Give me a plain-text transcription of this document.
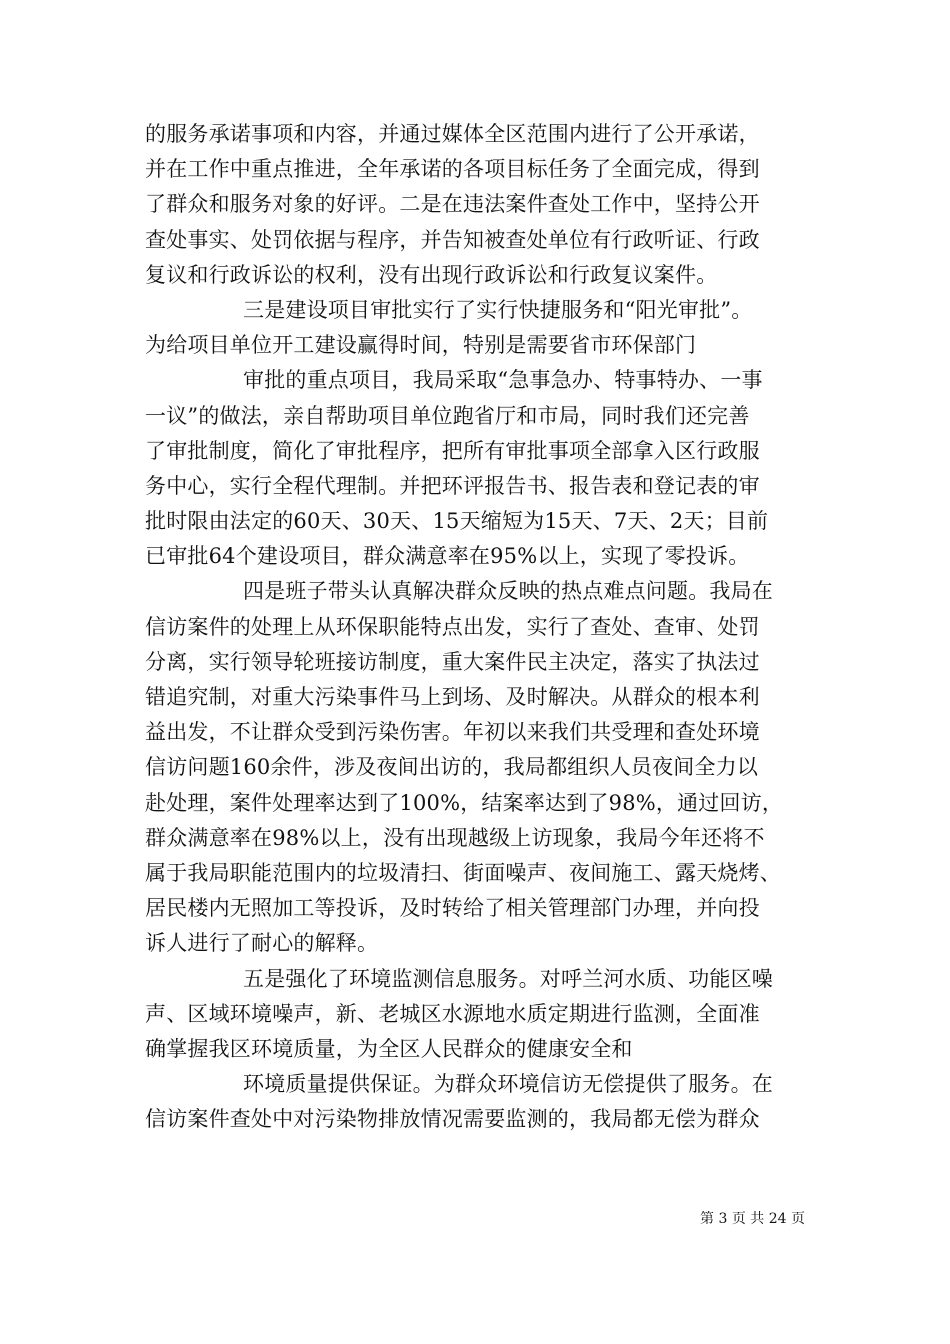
的服务承诺事项和内容，并通过媒体全区范围内进行了公开承诺，
并在工作中重点推进，全年承诺的各项目标任务了全面完成，得到
了群众和服务对象的好评。二是在违法案件查处工作中，坚持公开
查处事实、处罚依据与程序，并告知被查处单位有行政听证、行政
复议和行政诉讼的权利，没有出现行政诉讼和行政复议案件。
三是建设项目审批实行了实行快捷服务和“阳光审批”。
为给项目单位开工建设赢得时间，特别是需要省市环保部门
审批的重点项目，我局采取“急事急办、特事特办、一事
一议”的做法，亲自帮助项目单位跑省厅和市局，同时我们还完善
了审批制度，简化了审批程序，把所有审批事项全部拿入区行政服
务中心，实行全程代理制。并把环评报告书、报告表和登记表的审
批时限由法定的60天、30天、15天缩短为15天、7天、2天；目前
已审批64个建设项目，群众满意率在95%以上，实现了零投诉。
四是班子带头认真解决群众反映的热点难点问题。我局在
信访案件的处理上从环保职能特点出发，实行了查处、查审、处罚
分离，实行领导轮班接访制度，重大案件民主决定，落实了执法过
错追究制，对重大污染事件马上到场、及时解决。从群众的根本利
益出发，不让群众受到污染伤害。年初以来我们共受理和查处环境
信访问题160余件，涉及夜间出访的，我局都组织人员夜间全力以
赴处理，案件处理率达到了100%，结案率达到了98%，通过回访，
群众满意率在98%以上，没有出现越级上访现象，我局今年还将不
属于我局职能范围内的垃圾清扫、街面噪声、夜间施工、露天烧烤、
居民楼内无照加工等投诉，及时转给了相关管理部门办理，并向投
诉人进行了耐心的解释。
五是强化了环境监测信息服务。对呼兰河水质、功能区噪
声、区域环境噪声，新、老城区水源地水质定期进行监测，全面准
确掌握我区环境质量，为全区人民群众的健康安全和
环境质量提供保证。为群众环境信访无偿提供了服务。在
信访案件查处中对污染物排放情况需要监测的，我局都无偿为群众
第 3 页 共 24 页
